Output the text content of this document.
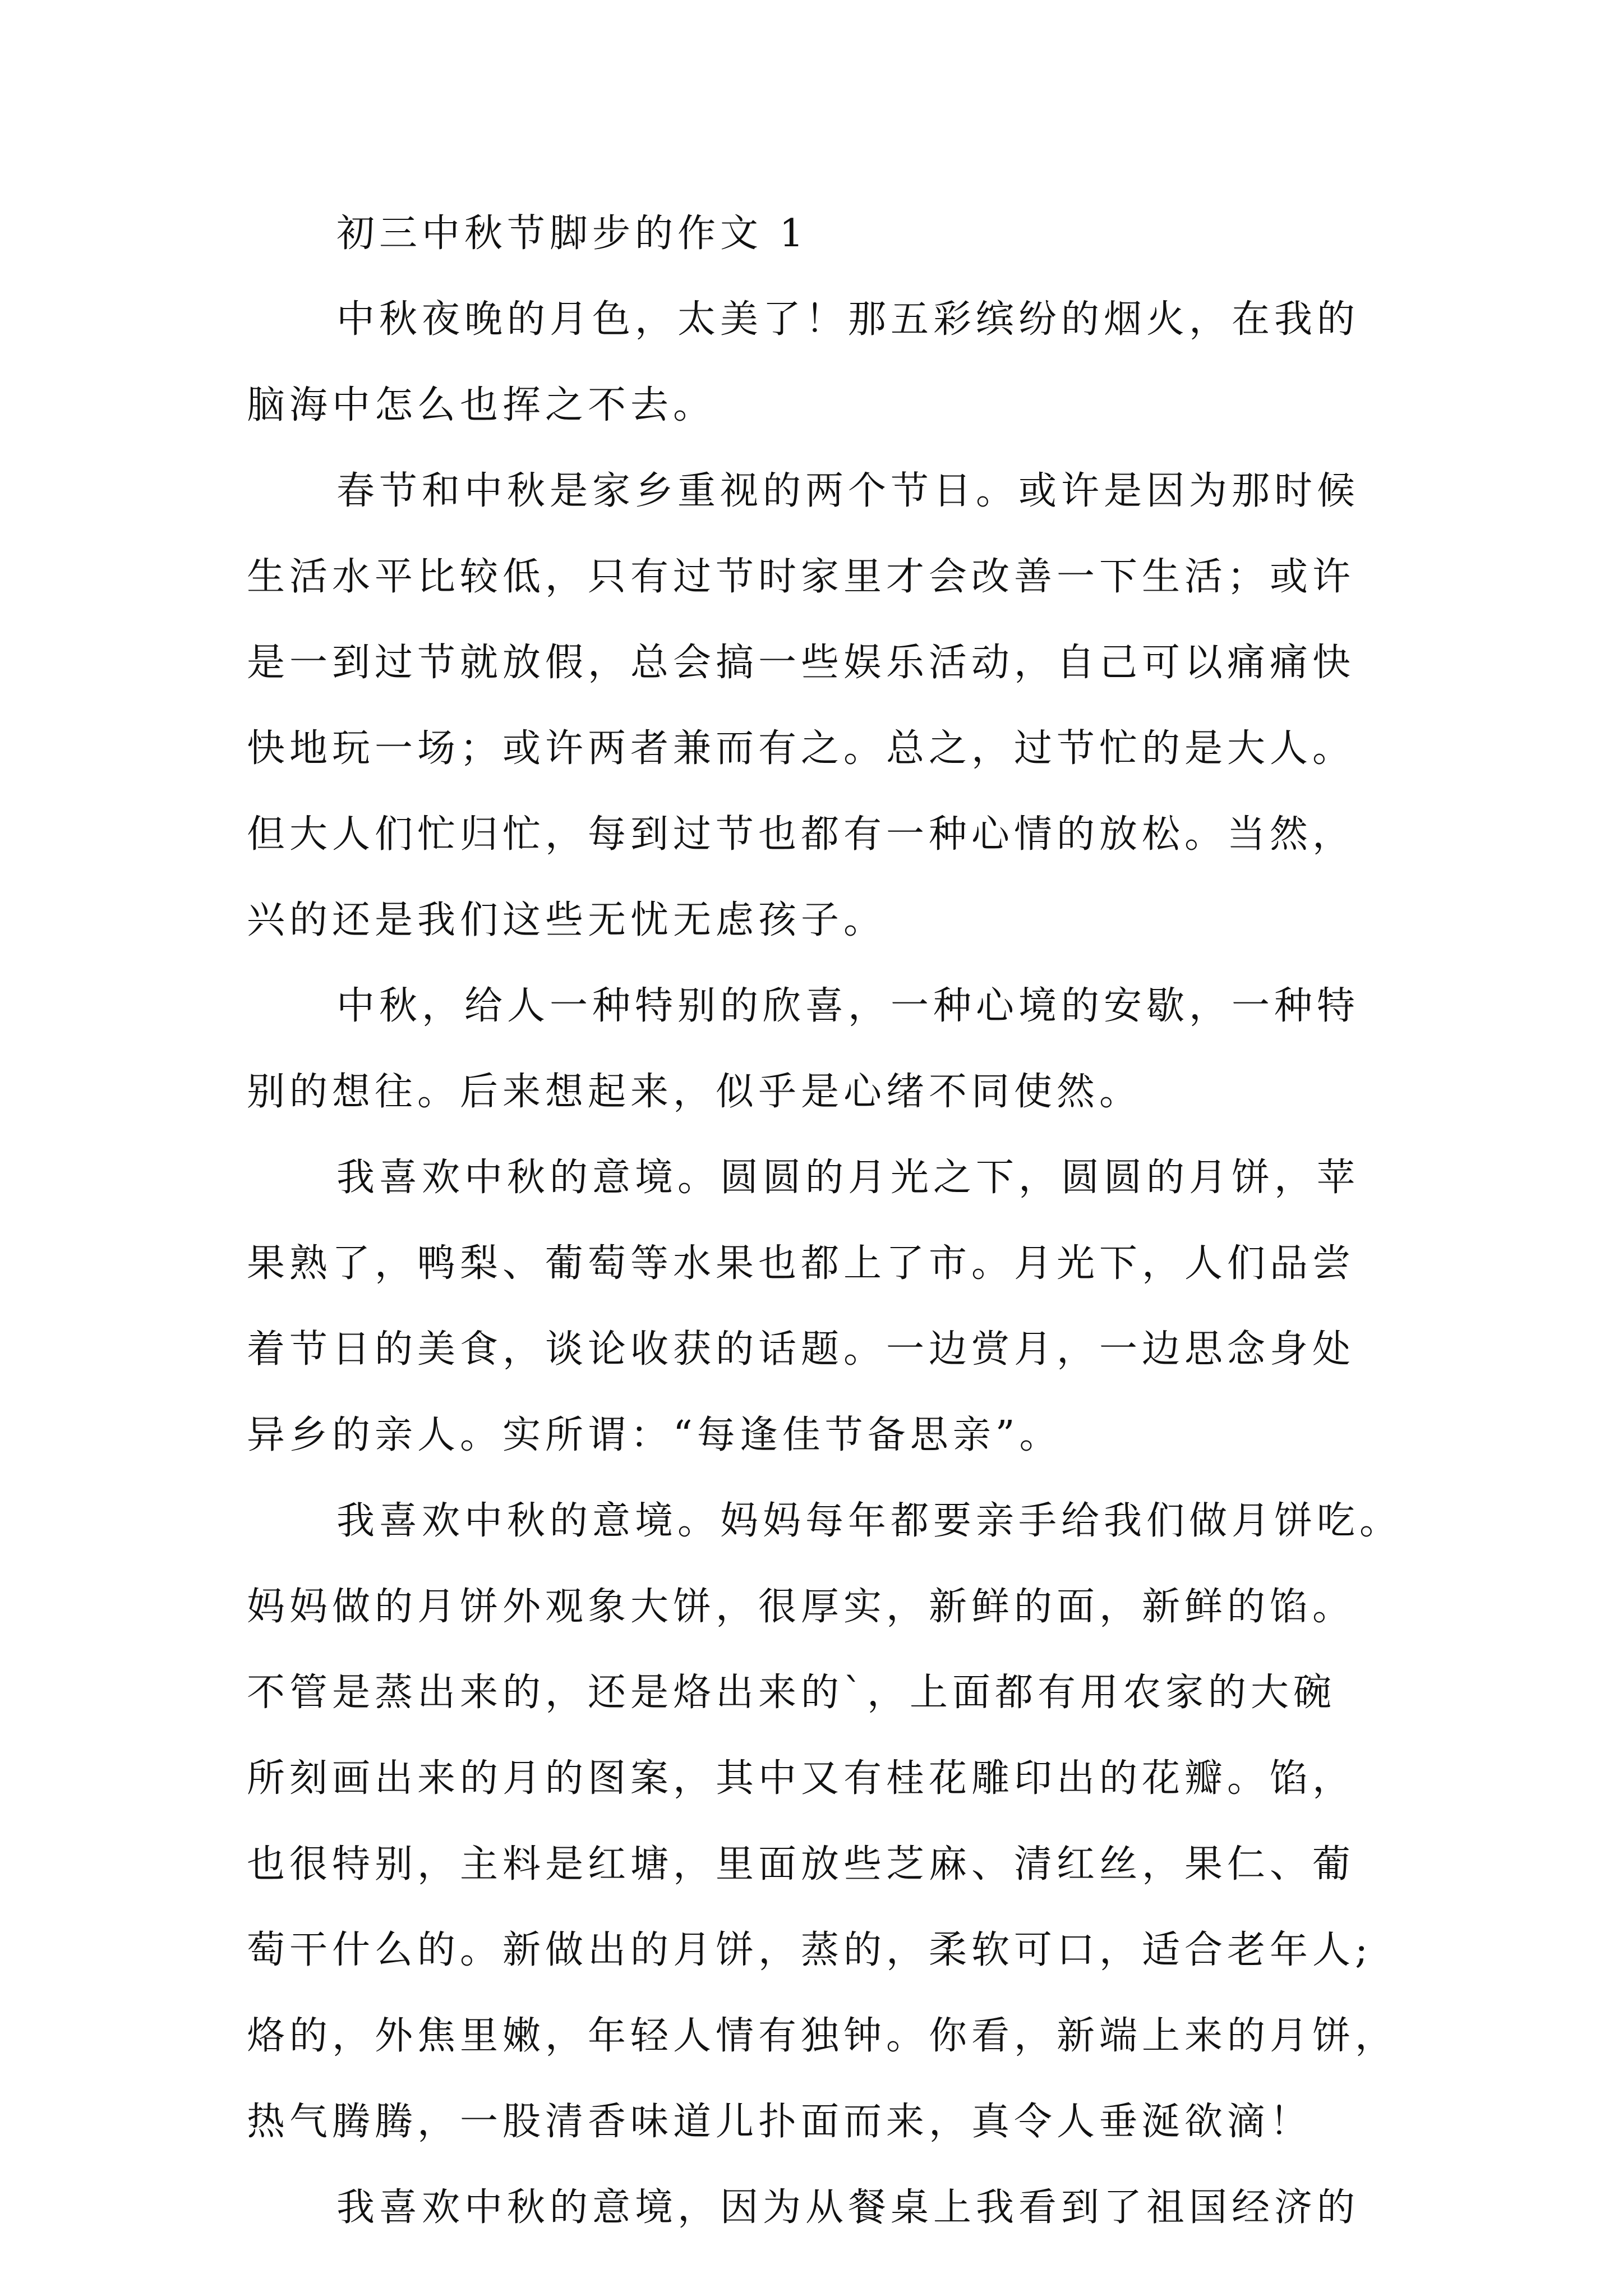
初三中秋节脚步的作文 1
中秋夜晚的月色，太美了！那五彩缤纷的烟火，在我的
脑海中怎么也挥之不去。
春节和中秋是家乡重视的两个节日。或许是因为那时候
生活水平比较低，只有过节时家里才会改善一下生活；或许
是一到过节就放假，总会搞一些娱乐活动，自己可以痛痛快
快地玩一场；或许两者兼而有之。总之，过节忙的是大人。
但大人们忙归忙，每到过节也都有一种心情的放松。当然，
兴的还是我们这些无忧无虑孩子。
中秋，给人一种特别的欣喜，一种心境的安歇，一种特
别的想往。后来想起来，似乎是心绪不同使然。
我喜欢中秋的意境。圆圆的月光之下，圆圆的月饼，苹
果熟了，鸭梨、葡萄等水果也都上了市。月光下，人们品尝
着节日的美食，谈论收获的话题。一边赏月，一边思念身处
异乡的亲人。实所谓：“每逢佳节备思亲”。
我喜欢中秋的意境。妈妈每年都要亲手给我们做月饼吃。
妈妈做的月饼外观象大饼，很厚实，新鲜的面，新鲜的馅。
不管是蒸出来的，还是烙出来的`，上面都有用农家的大碗
所刻画出来的月的图案，其中又有桂花雕印出的花瓣。馅，
也很特别，主料是红塘，里面放些芝麻、清红丝，果仁、葡
萄干什么的。新做出的月饼，蒸的，柔软可口，适合老年人;
烙的，外焦里嫩，年轻人情有独钟。你看，新端上来的月饼，
热气腾腾，一股清香味道儿扑面而来，真令人垂涎欲滴！
我喜欢中秋的意境，因为从餐桌上我看到了祖国经济的
